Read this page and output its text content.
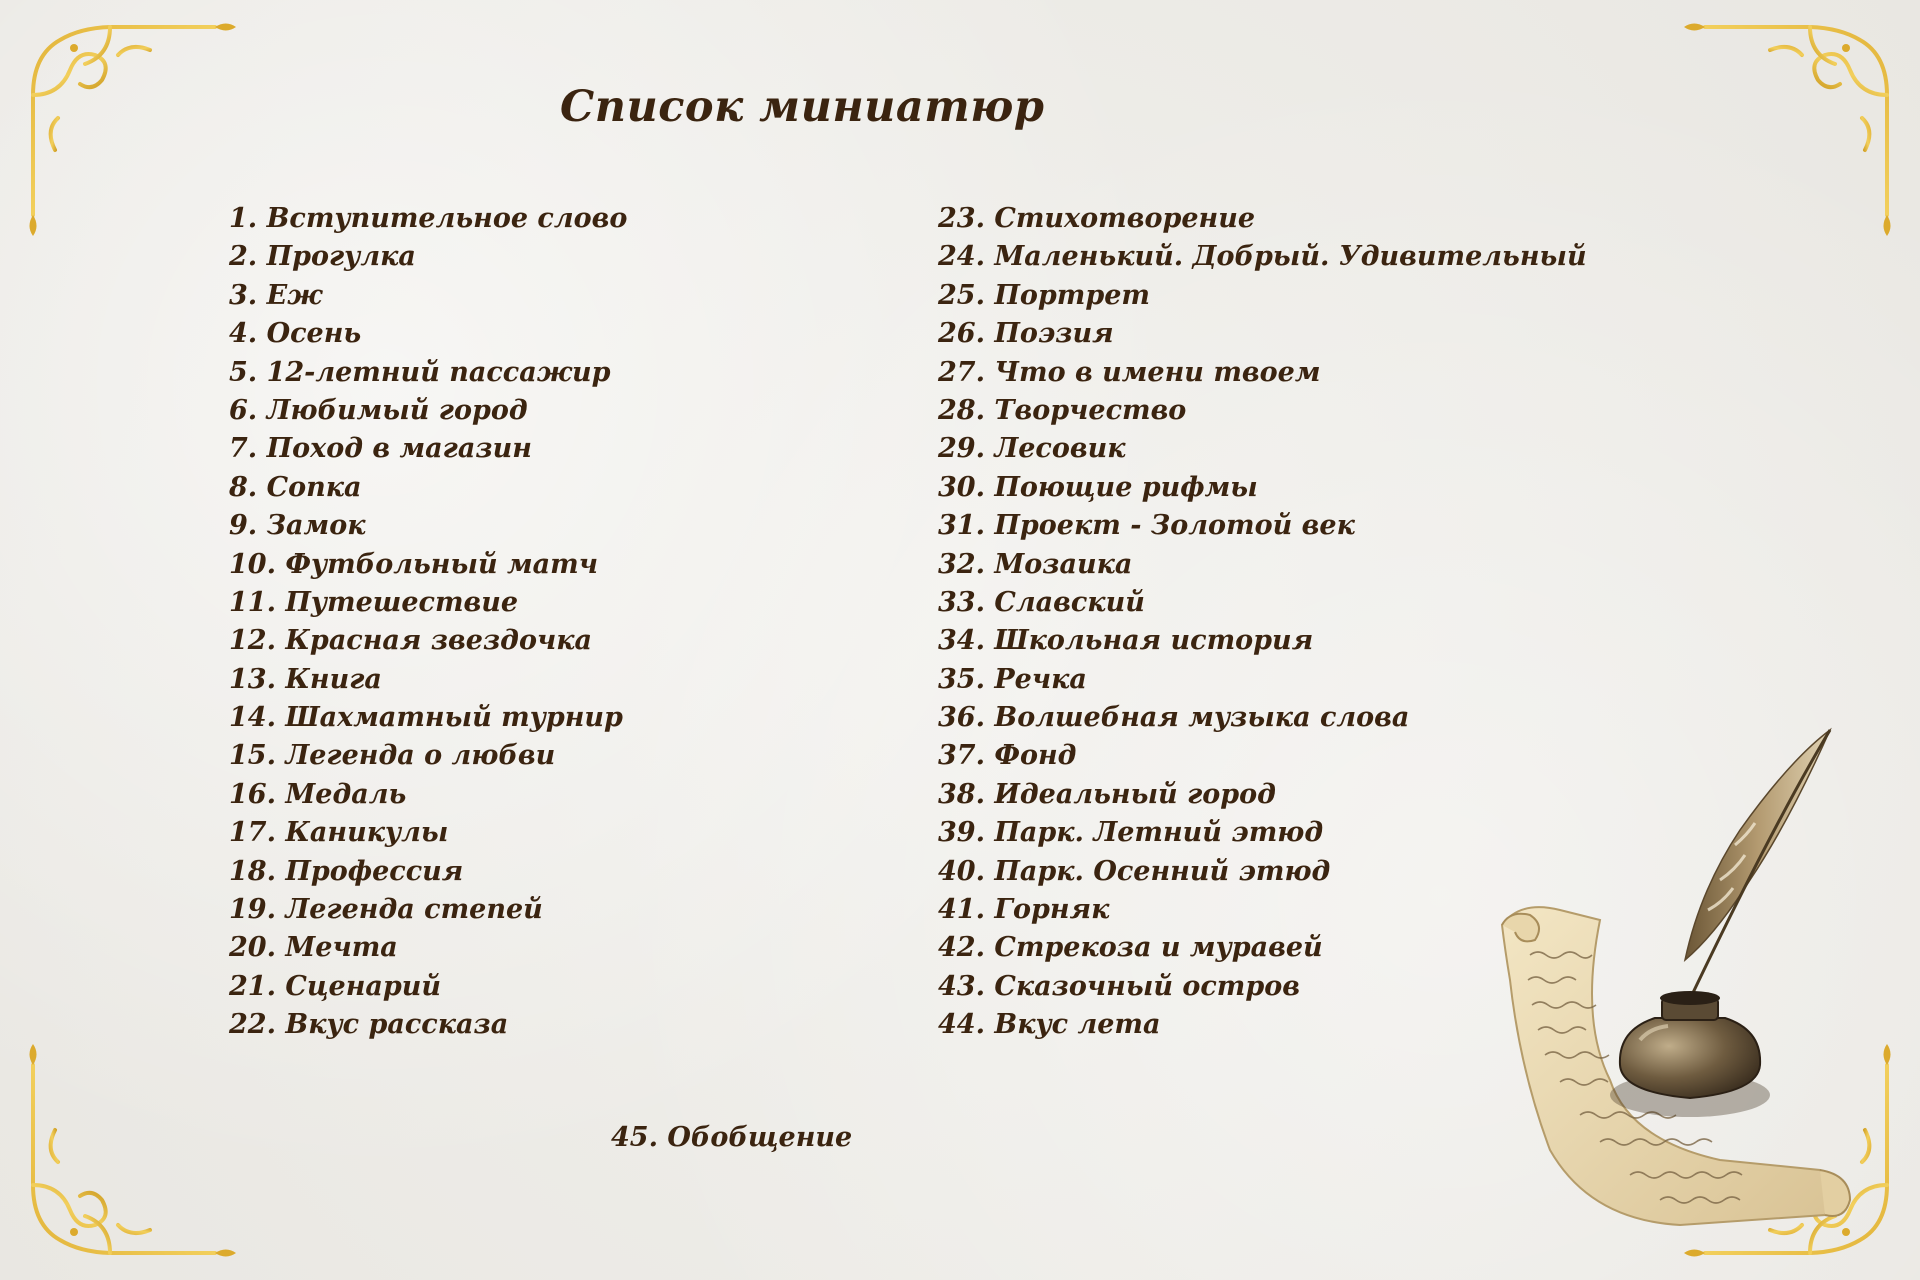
Список миниатюр
1. Вступительное слово
2. Прогулка
3. Еж
4. Осень
5. 12-летний пассажир
6. Любимый город
7. Поход в магазин
8. Сопка
9. Замок
10. Футбольный матч
11. Путешествие
12. Красная звездочка
13. Книга
14. Шахматный турнир
15. Легенда о любви
16. Медаль
17. Каникулы
18. Профессия
19. Легенда степей
20. Мечта
21. Сценарий
22. Вкус рассказа
23. Стихотворение
24. Маленький. Добрый. Удивительный
25. Портрет
26. Поэзия
27. Что в имени твоем
28. Творчество
29. Лесовик
30. Поющие рифмы
31. Проект - Золотой век
32. Мозаика
33. Славский
34. Школьная история
35. Речка
36. Волшебная музыка слова
37. Фонд
38. Идеальный город
39. Парк. Летний этюд
40. Парк. Осенний этюд
41. Горняк
42. Стрекоза и муравей
43. Сказочный остров
44. Вкус лета
45. Обобщение
